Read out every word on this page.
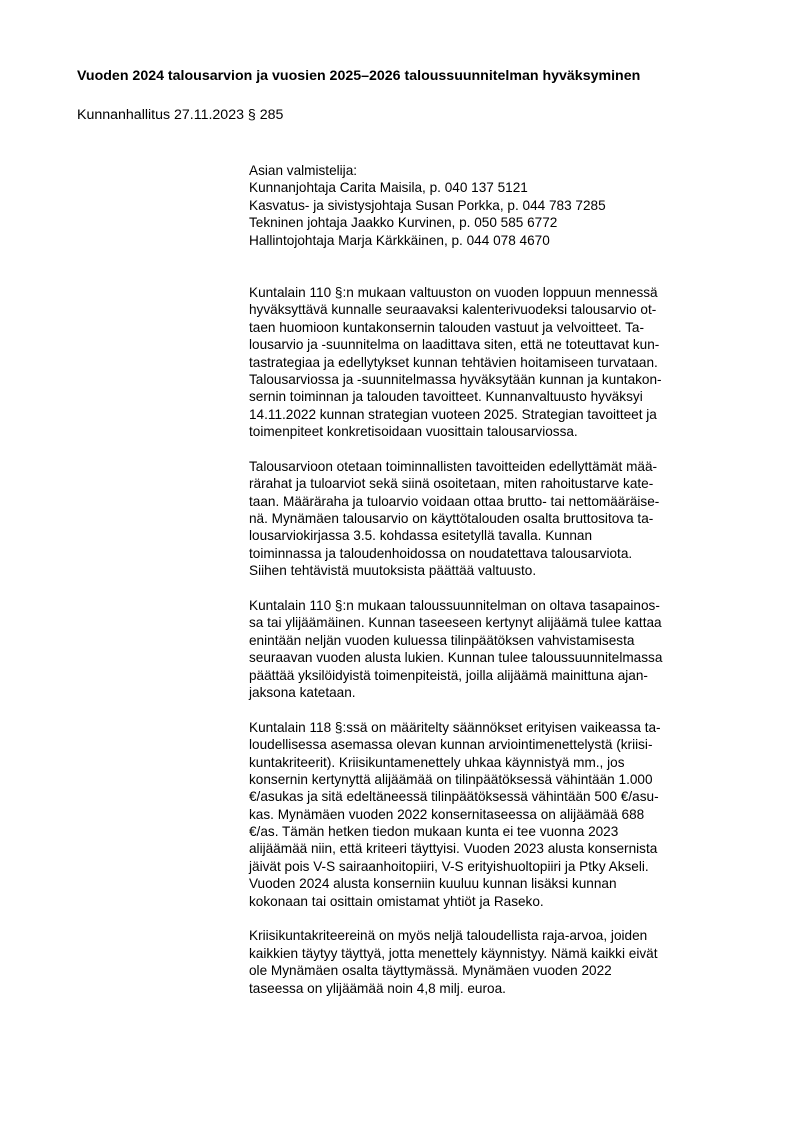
Vuoden 2024 talousarvion ja vuosien 2025–2026 taloussuunnitelman hyväksyminen
Kunnanhallitus 27.11.2023 § 285
Asian valmistelija:
Kunnanjohtaja Carita Maisila, p. 040 137 5121
Kasvatus- ja sivistysjohtaja Susan Porkka, p. 044 783 7285
Tekninen johtaja Jaakko Kurvinen, p. 050 585 6772
Hallintojohtaja Marja Kärkkäinen, p. 044 078 4670
Kuntalain 110 §:n mukaan valtuuston on vuoden loppuun mennessä
hyväksyttävä kunnalle seuraavaksi kalenterivuodeksi talousarvio ot-
taen huomioon kuntakonsernin talouden vastuut ja velvoitteet. Ta-
lousarvio ja -suunnitelma on laadittava siten, että ne toteuttavat kun-
tastrategiaa ja edellytykset kunnan tehtävien hoitamiseen turvataan.
Talousarviossa ja -suunnitelmassa hyväksytään kunnan ja kuntakon-
sernin toiminnan ja talouden tavoitteet. Kunnanvaltuusto hyväksyi
14.11.2022 kunnan strategian vuoteen 2025. Strategian tavoitteet ja
toimenpiteet konkretisoidaan vuosittain talousarviossa.
Talousarvioon otetaan toiminnallisten tavoitteiden edellyttämät mää-
rärahat ja tuloarviot sekä siinä osoitetaan, miten rahoitustarve kate-
taan. Määräraha ja tuloarvio voidaan ottaa brutto- tai nettomääräise-
nä. Mynämäen talousarvio on käyttötalouden osalta bruttositova ta-
lousarviokirjassa 3.5. kohdassa esitetyllä tavalla. Kunnan
toiminnassa ja taloudenhoidossa on noudatettava talousarviota.
Siihen tehtävistä muutoksista päättää valtuusto.
Kuntalain 110 §:n mukaan taloussuunnitelman on oltava tasapainos-
sa tai ylijäämäinen. Kunnan taseeseen kertynyt alijäämä tulee kattaa
enintään neljän vuoden kuluessa tilinpäätöksen vahvistamisesta
seuraavan vuoden alusta lukien. Kunnan tulee taloussuunnitelmassa
päättää yksilöidyistä toimenpiteistä, joilla alijäämä mainittuna ajan-
jaksona katetaan.
Kuntalain 118 §:ssä on määritelty säännökset erityisen vaikeassa ta-
loudellisessa asemassa olevan kunnan arviointimenettelystä (kriisi-
kuntakriteerit). Kriisikuntamenettely uhkaa käynnistyä mm., jos
konsernin kertynyttä alijäämää on tilinpäätöksessä vähintään 1.000
€/asukas ja sitä edeltäneessä tilinpäätöksessä vähintään 500 €/asu-
kas. Mynämäen vuoden 2022 konsernitaseessa on alijäämää 688
€/as. Tämän hetken tiedon mukaan kunta ei tee vuonna 2023
alijäämää niin, että kriteeri täyttyisi. Vuoden 2023 alusta konsernista
jäivät pois V-S sairaanhoitopiiri, V-S erityishuoltopiiri ja Ptky Akseli.
Vuoden 2024 alusta konserniin kuuluu kunnan lisäksi kunnan
kokonaan tai osittain omistamat yhtiöt ja Raseko.
Kriisikuntakriteereinä on myös neljä taloudellista raja-arvoa, joiden
kaikkien täytyy täyttyä, jotta menettely käynnistyy. Nämä kaikki eivät
ole Mynämäen osalta täyttymässä. Mynämäen vuoden 2022
taseessa on ylijäämää noin 4,8 milj. euroa.
